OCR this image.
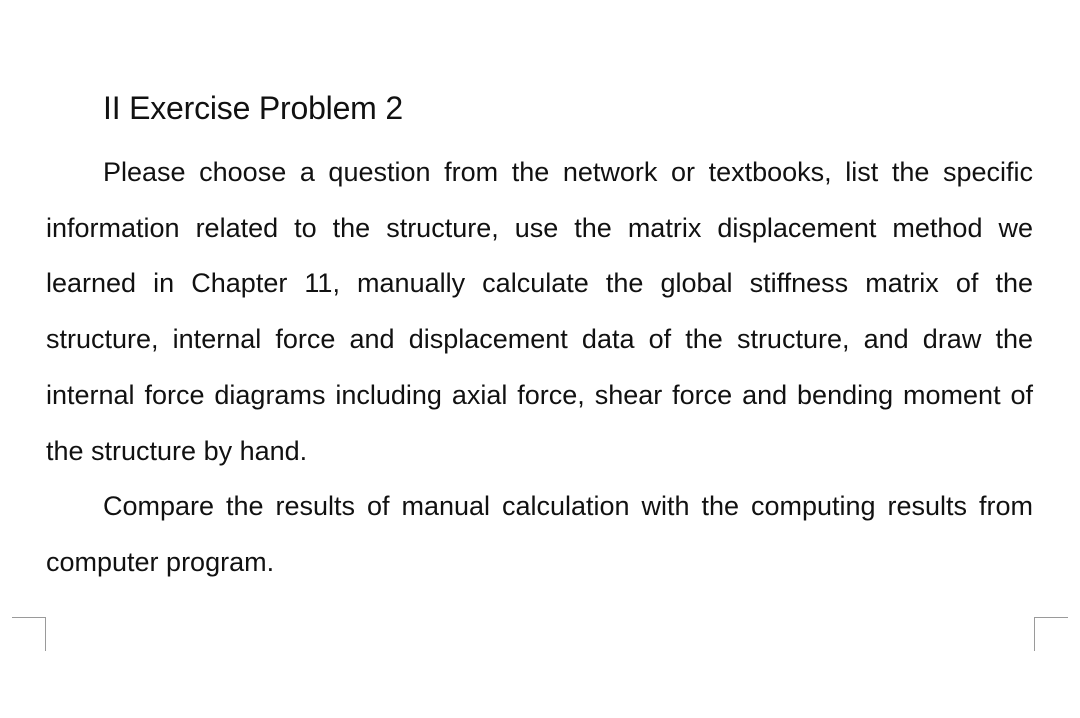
II Exercise Problem 2

Please choose a question from the network or textbooks, list the specific information related to the structure, use the matrix displacement method we learned in Chapter 11, manually calculate the global stiffness matrix of the structure, internal force and displacement data of the structure, and draw the internal force diagrams including axial force, shear force and bending moment of the structure by hand.

Compare the results of manual calculation with the computing results from computer program.
